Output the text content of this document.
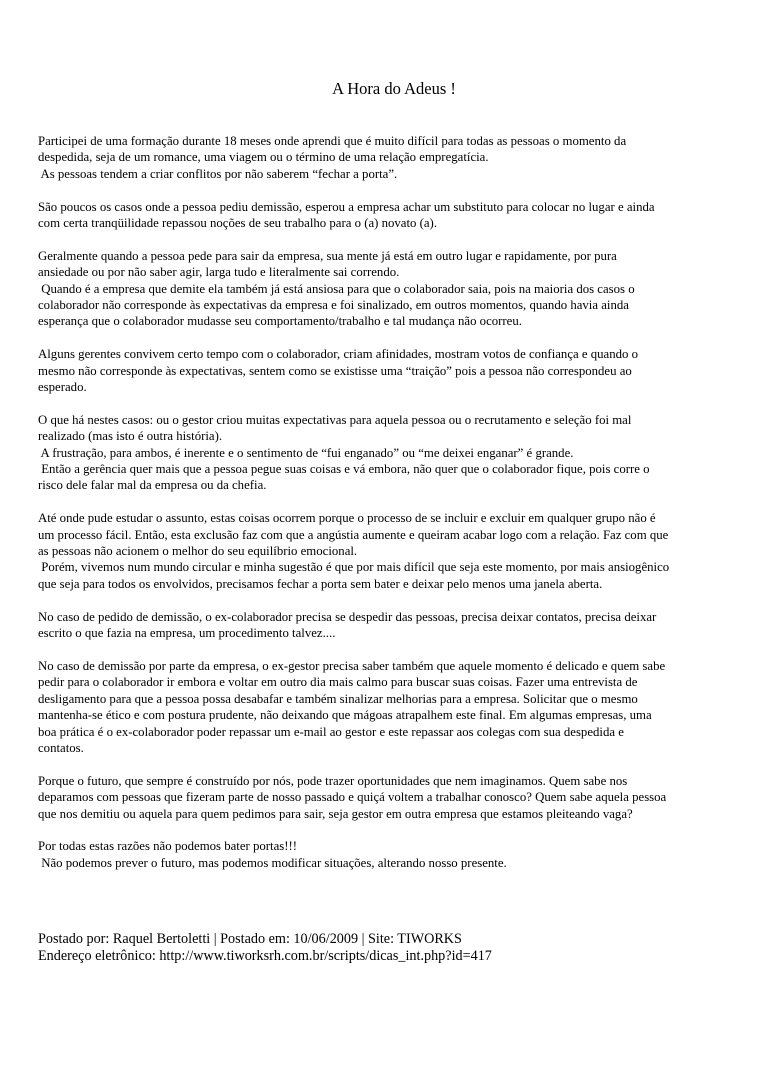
A Hora do Adeus !

Participei de uma formação durante 18 meses onde aprendi que é muito difícil para todas as pessoas o momento da
despedida, seja de um romance, uma viagem ou o término de uma relação empregatícia.
As pessoas tendem a criar conflitos por não saberem “fechar a porta”.

São poucos os casos onde a pessoa pediu demissão, esperou a empresa achar um substituto para colocar no lugar e ainda
com certa tranqüilidade repassou noções de seu trabalho para o (a) novato (a).

Geralmente quando a pessoa pede para sair da empresa, sua mente já está em outro lugar e rapidamente, por pura
ansiedade ou por não saber agir, larga tudo e literalmente sai correndo.
Quando é a empresa que demite ela também já está ansiosa para que o colaborador saia, pois na maioria dos casos o
colaborador não corresponde às expectativas da empresa e foi sinalizado, em outros momentos, quando havia ainda
esperança que o colaborador mudasse seu comportamento/trabalho e tal mudança não ocorreu.

Alguns gerentes convivem certo tempo com o colaborador, criam afinidades, mostram votos de confiança e quando o
mesmo não corresponde às expectativas, sentem como se existisse uma “traição” pois a pessoa não correspondeu ao
esperado.

O que há nestes casos: ou o gestor criou muitas expectativas para aquela pessoa ou o recrutamento e seleção foi mal
realizado (mas isto é outra história).
A frustração, para ambos, é inerente e o sentimento de “fui enganado” ou “me deixei enganar” é grande.
Então a gerência quer mais que a pessoa pegue suas coisas e vá embora, não quer que o colaborador fique, pois corre o
risco dele falar mal da empresa ou da chefia.

Até onde pude estudar o assunto, estas coisas ocorrem porque o processo de se incluir e excluir em qualquer grupo não é
um processo fácil. Então, esta exclusão faz com que a angústia aumente e queiram acabar logo com a relação. Faz com que
as pessoas não acionem o melhor do seu equilíbrio emocional.
Porém, vivemos num mundo circular e minha sugestão é que por mais difícil que seja este momento, por mais ansiogênico
que seja para todos os envolvidos, precisamos fechar a porta sem bater e deixar pelo menos uma janela aberta.

No caso de pedido de demissão, o ex-colaborador precisa se despedir das pessoas, precisa deixar contatos, precisa deixar
escrito o que fazia na empresa, um procedimento talvez....

No caso de demissão por parte da empresa, o ex-gestor precisa saber também que aquele momento é delicado e quem sabe
pedir para o colaborador ir embora e voltar em outro dia mais calmo para buscar suas coisas. Fazer uma entrevista de
desligamento para que a pessoa possa desabafar e também sinalizar melhorias para a empresa. Solicitar que o mesmo
mantenha-se ético e com postura prudente, não deixando que mágoas atrapalhem este final. Em algumas empresas, uma
boa prática é o ex-colaborador poder repassar um e-mail ao gestor e este repassar aos colegas com sua despedida e
contatos.

Porque o futuro, que sempre é construído por nós, pode trazer oportunidades que nem imaginamos. Quem sabe nos
deparamos com pessoas que fizeram parte de nosso passado e quiçá voltem a trabalhar conosco? Quem sabe aquela pessoa
que nos demitiu ou aquela para quem pedimos para sair, seja gestor em outra empresa que estamos pleiteando vaga?

Por todas estas razões não podemos bater portas!!!
Não podemos prever o futuro, mas podemos modificar situações, alterando nosso presente.

Postado por: Raquel Bertoletti | Postado em: 10/06/2009 | Site: TIWORKS
Endereço eletrônico: http://www.tiworksrh.com.br/scripts/dicas_int.php?id=417
